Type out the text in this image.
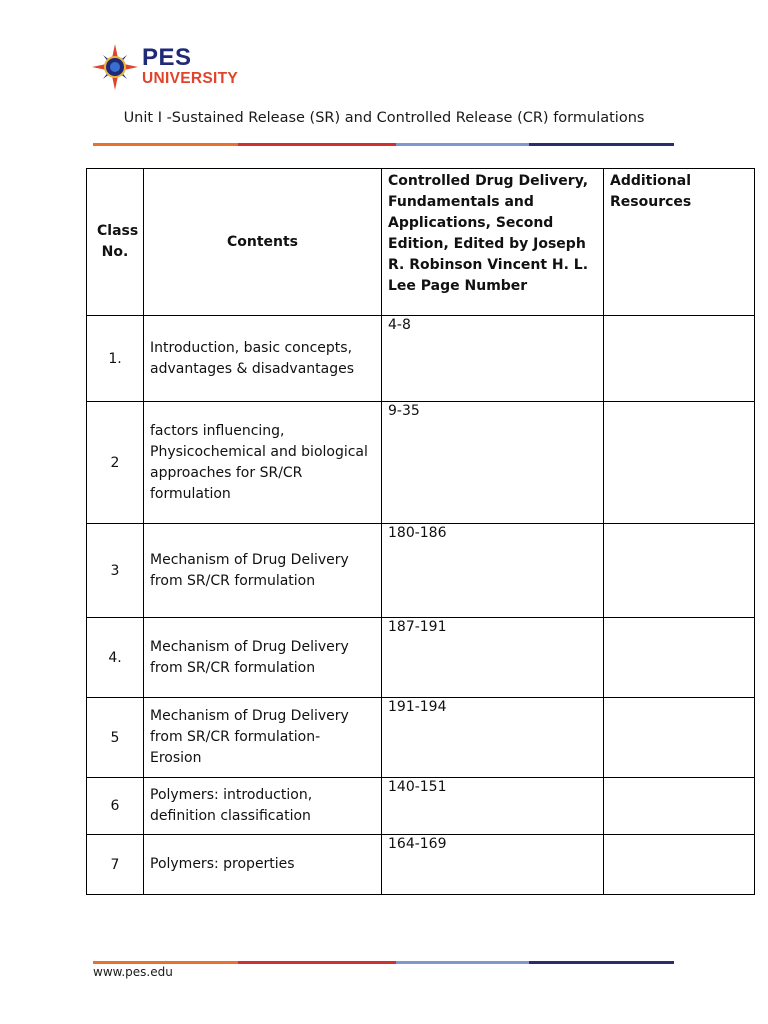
PES
UNIVERSITY
Unit I -Sustained Release (SR) and Controlled Release (CR) formulations
Class No.	Contents	Controlled Drug Delivery, Fundamentals and Applications, Second Edition, Edited by Joseph R. Robinson Vincent H. L. Lee Page Number	Additional Resources
1.	Introduction, basic concepts, advantages & disadvantages	4-8	
2	factors influencing, Physicochemical and biological approaches for SR/CR formulation	9-35	
3	Mechanism of Drug Delivery from SR/CR formulation	180-186	
4.	Mechanism of Drug Delivery from SR/CR formulation	187-191	
5	Mechanism of Drug Delivery from SR/CR formulation- Erosion	191-194	
6	Polymers: introduction, definition classification	140-151	
7	Polymers: properties	164-169	
www.pes.edu
